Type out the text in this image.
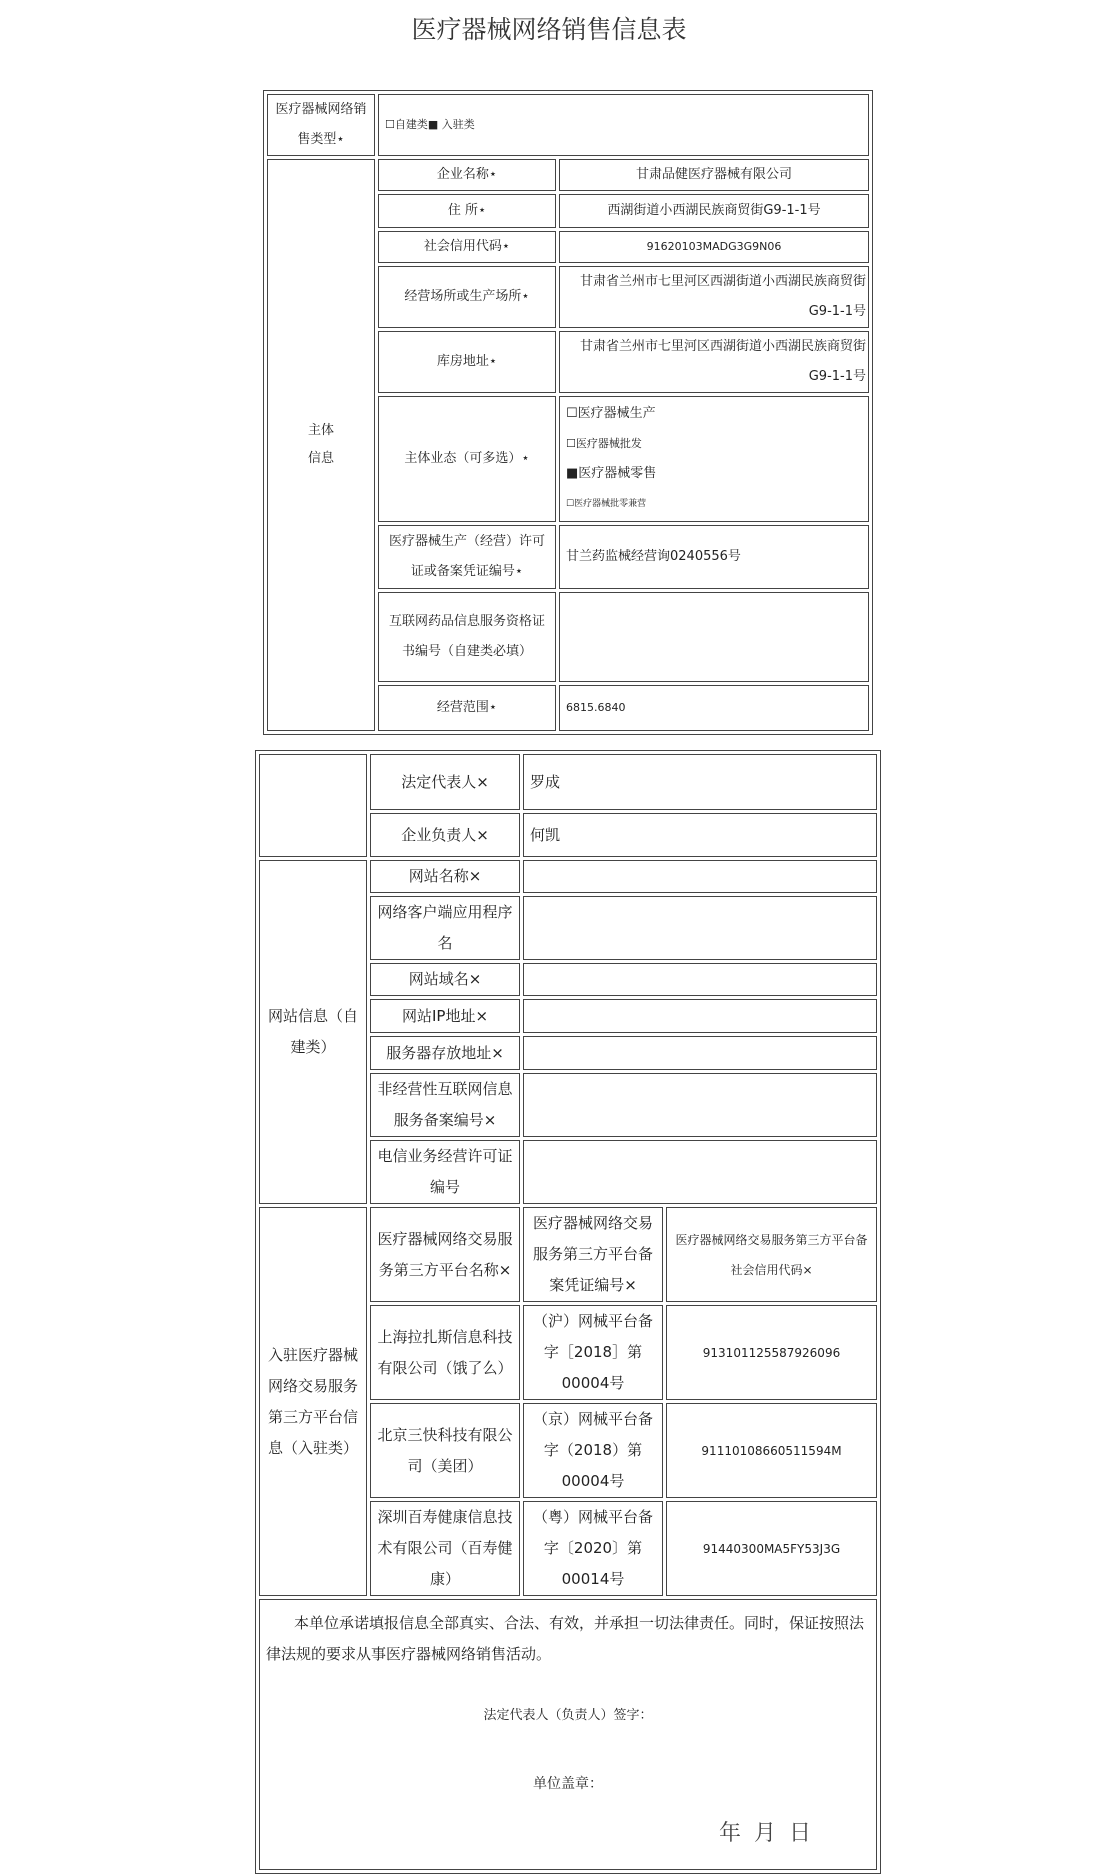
医疗器械网络销售信息表
医疗器械网络销售类型⋆	☐自建类■ 入驻类	
主体信息	企业名称⋆	甘肃品健医疗器械有限公司
	住 所⋆	西湖街道小西湖民族商贸街G9-1-1号
	社会信用代码⋆	91620103MADG3G9N06
	经营场所或生产场所⋆	甘肃省兰州市七里河区西湖街道小西湖民族商贸街G9-1-1号
	库房地址⋆	甘肃省兰州市七里河区西湖街道小西湖民族商贸街G9-1-1号
	主体业态（可多选）⋆	☐医疗器械生产
☐医疗器械批发
■医疗器械零售
☐医疗器械批零兼营

	医疗器械生产（经营）许可证或备案凭证编号⋆	甘兰药监械经营询0240556号
	互联网药品信息服务资格证书编号（自建类必填）	
	经营范围⋆	6815.6840
	法定代表人⨯	罗成	
	企业负责人⨯	何凯	
网站信息（自建类）	网站名称⨯		
	网络客户端应用程序名		
	网站域名⨯		
	网站IP地址⨯		
	服务器存放地址⨯		
	非经营性互联网信息服务备案编号⨯		
	电信业务经营许可证编号		
入驻医疗器械网络交易服务第三方平台信息（入驻类）	医疗器械网络交易服务第三方平台名称⨯	医疗器械网络交易服务第三方平台备案凭证编号⨯	医疗器械网络交易服务第三方平台备社会信用代码⨯
	上海拉扎斯信息科技有限公司（饿了么）	（沪）网械平台备字［2018］第00004号	913101125587926096
	北京三快科技有限公司（美团）	（京）网械平台备字（2018）第00004号	91110108660511594M
	深圳百寿健康信息技术有限公司（百寿健康）	（粤）网械平台备字〔2020〕第00014号	91440300MA5FY53J3G

本单位承诺填报信息全部真实、合法、有效，并承担一切法律责任。同时，保证按照法律法规的要求从事医疗器械网络销售活动。
法定代表人（负责人）签字：
单位盖章：
年 月 日			
